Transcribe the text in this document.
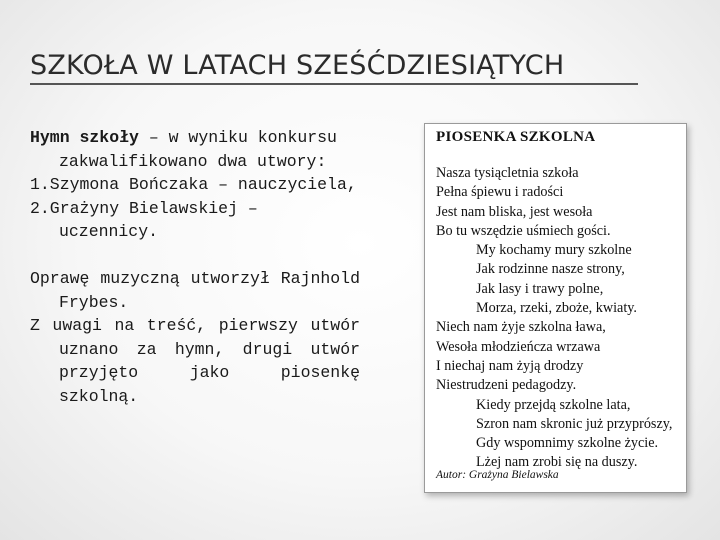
SZKOŁA W LATACH SZEŚĆDZIESIĄTYCH

Hymn szkoły – w wyniku konkursu zakwalifikowano dwa utwory:

1.Szymona Bończaka – nauczyciela,

2.Grażyny Bielawskiej – uczennicy.

Oprawę muzyczną utworzył Rajnhold Frybes.

Z uwagi na treść, pierwszy utwór uznano za hymn, drugi utwór przyjęto jako piosenkę szkolną.

PIOSENKA SZKOLNA
Nasza tysiącletnia szkoła
Pełna śpiewu i radości
Jest nam bliska, jest wesoła
Bo tu wszędzie uśmiech gości.
My kochamy mury szkolne
Jak rodzinne nasze strony,
Jak lasy i trawy polne,
Morza, rzeki, zboże, kwiaty.
Niech nam żyje szkolna ława,
Wesoła młodzieńcza wrzawa
I niechaj nam żyją drodzy
Niestrudzeni pedagodzy.
Kiedy przejdą szkolne lata,
Szron nam skronic już przyprószy,
Gdy wspomnimy szkolne życie.
Lżej nam zrobi się na duszy.
Autor: Grażyna Bielawska
